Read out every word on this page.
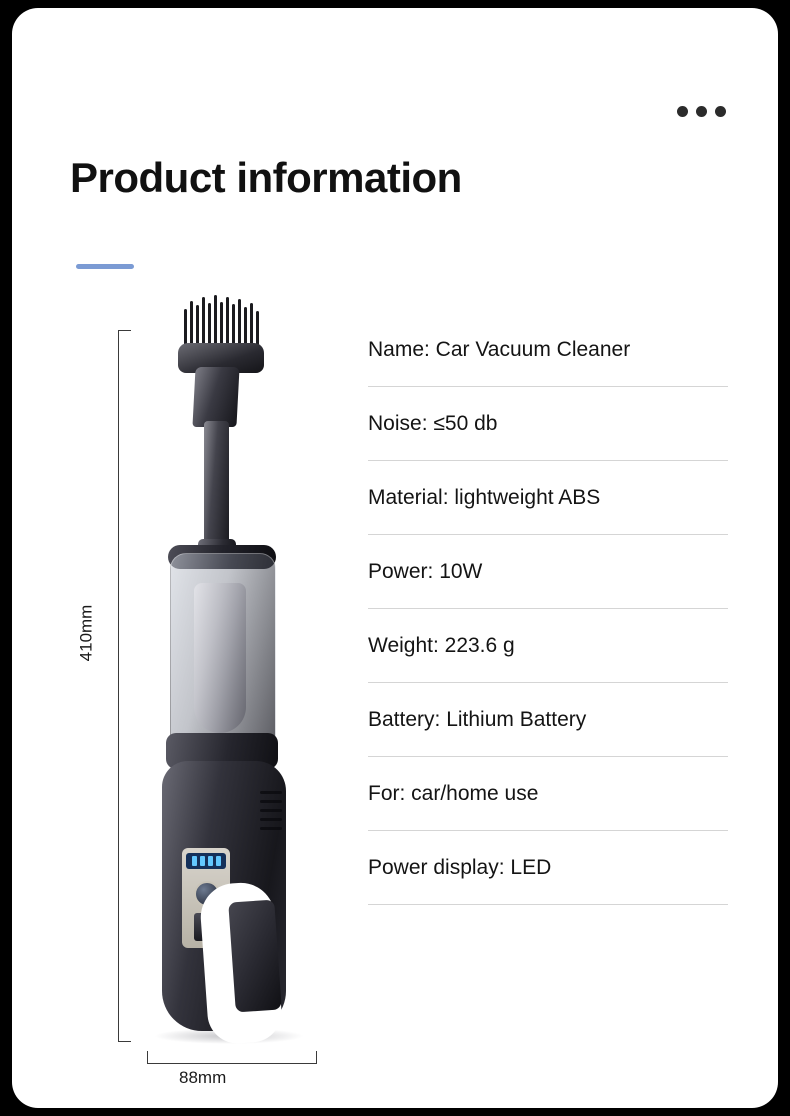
Product information
410mm
88mm
Name: Car Vacuum Cleaner
Noise: ≤50 db
Material: lightweight ABS
Power: 10W
Weight: 223.6 g
Battery: Lithium Battery
For: car/home use
Power display: LED
